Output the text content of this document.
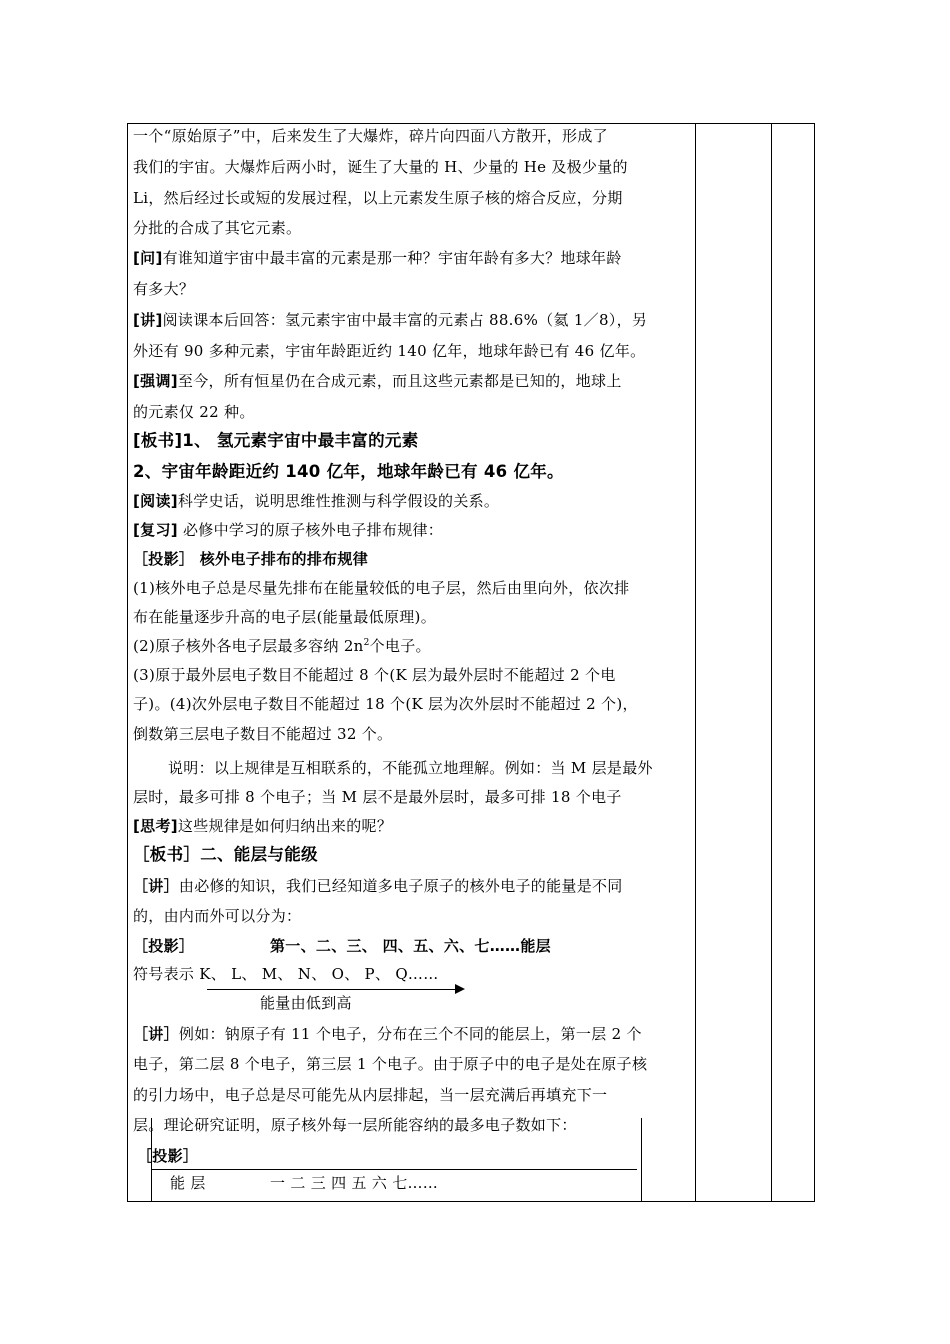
一个“原始原子”中，后来发生了大爆炸，碎片向四面八方散开，形成了
我们的宇宙。大爆炸后两小时，诞生了大量的 H、少量的 He 及极少量的
Li，然后经过长或短的发展过程，以上元素发生原子核的熔合反应，分期
分批的合成了其它元素。
[问]有谁知道宇宙中最丰富的元素是那一种？宇宙年龄有多大？地球年龄
有多大？
[讲]阅读课本后回答：氢元素宇宙中最丰富的元素占 88.6%（氦 1／8），另
外还有 90 多种元素，宇宙年龄距近约 140 亿年，地球年龄已有 46 亿年。
[强调]至今，所有恒星仍在合成元素，而且这些元素都是已知的，地球上
的元素仅 22 种。
[板书]1、 氢元素宇宙中最丰富的元素
2、宇宙年龄距近约 140 亿年，地球年龄已有 46 亿年。
[阅读]科学史话，说明思维性推测与科学假设的关系。
[复习] 必修中学习的原子核外电子排布规律：
［投影］ 核外电子排布的排布规律
(1)核外电子总是尽量先排布在能量较低的电子层，然后由里向外，依次排
布在能量逐步升高的电子层(能量最低原理)。
(2)原子核外各电子层最多容纳 $2n^2$个电子。
(3)原于最外层电子数目不能超过 8 个(K 层为最外层时不能超过 2 个电
子)。(4)次外层电子数目不能超过 18 个(K 层为次外层时不能超过 2 个)，
倒数第三层电子数目不能超过 32 个。
说明：以上规律是互相联系的，不能孤立地理解。例如：当 M 层是最外
层时，最多可排 8 个电子；当 M 层不是最外层时，最多可排 18 个电子
[思考]这些规律是如何归纳出来的呢？
［板书］二、能层与能级
［讲］由必修的知识，我们已经知道多电子原子的核外电子的能量是不同
的，由内而外可以分为：
［投影］	第一、二、三、 四、五、六、七……能层
符号表示 K、 L、 M、 N、 O、 P、 Q……
能量由低到高
［讲］例如：钠原子有 11 个电子，分布在三个不同的能层上，第一层 2 个
电子，第二层 8 个电子，第三层 1 个电子。由于原子中的电子是处在原子核
的引力场中，电子总是尽可能先从内层排起，当一层充满后再填充下一
层。理论研究证明，原子核外每一层所能容纳的最多电子数如下：
［投影］
能 层	一 二 三 四 五 六 七……
